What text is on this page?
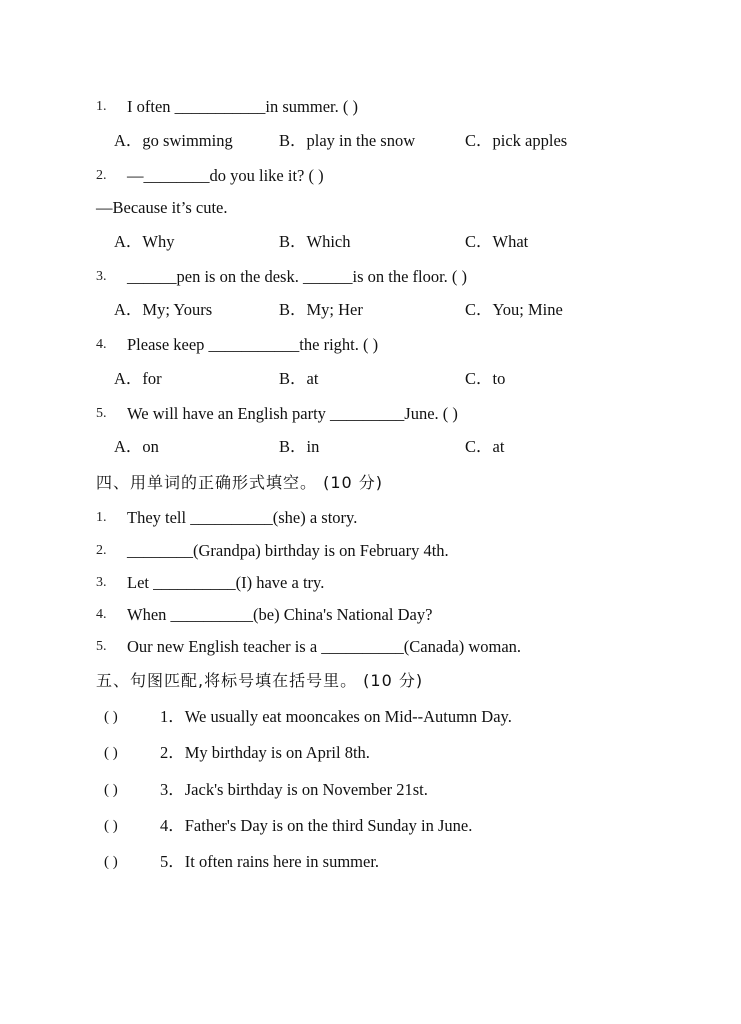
1. I often ___________in summer. ( )
A．go swimming	B．play in the snow	C．pick apples
2. —________do you like it? ( )
—Because it’s cute.
A．Why	B．Which	C．What
3. ______pen is on the desk. ______is on the floor. ( )
A．My; Yours	B．My; Her	C．You; Mine
4. Please keep ___________the right. ( )
A．for	B．at	C．to
5. We will have an English party _________June. ( )
A．on	B．in	C．at
四、用单词的正确形式填空。 (10 分)
1. They tell __________(she) a story.
2. ________(Grandpa) birthday is on February 4th.
3. Let __________(I) have a try.
4. When __________(be) China's National Day?
5. Our new English teacher is a __________(Canada) woman.
五、句图匹配,将标号填在括号里。 (10 分)
( )	1．We usually eat mooncakes on Mid--Autumn Day.
( )	2．My birthday is on April 8th.
( )	3．Jack's birthday is on November 21st.
( )	4．Father's Day is on the third Sunday in June.
( )	5．It often rains here in summer.
